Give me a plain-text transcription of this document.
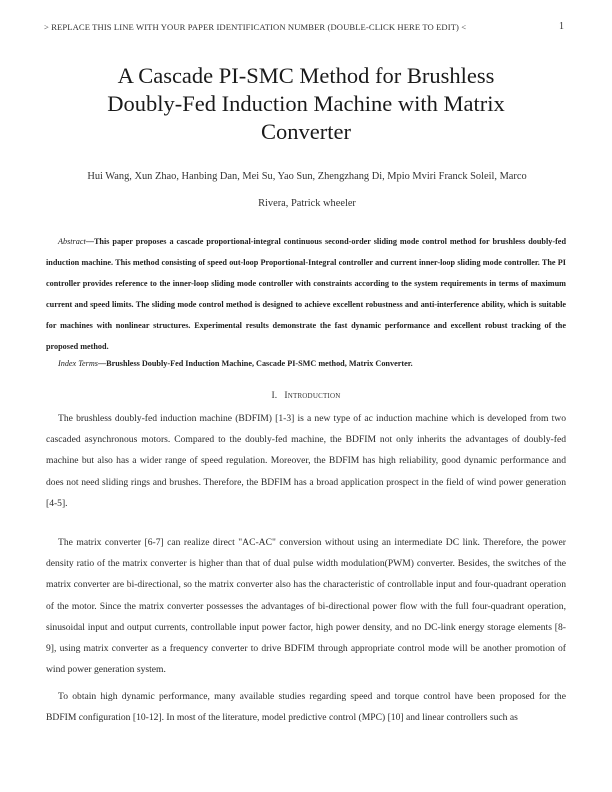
> REPLACE THIS LINE WITH YOUR PAPER IDENTIFICATION NUMBER (DOUBLE-CLICK HERE TO EDIT) <	1
A Cascade PI-SMC Method for Brushless
Doubly-Fed Induction Machine with Matrix
Converter
Hui Wang, Xun Zhao, Hanbing Dan, Mei Su, Yao Sun, Zhengzhang Di, Mpio Mviri Franck Soleil, Marco
Rivera, Patrick wheeler
Abstract—This paper proposes a cascade proportional-integral continuous second-order sliding mode control method for brushless doubly-fed induction machine. This method consisting of speed out-loop Proportional-Integral controller and current inner-loop sliding mode controller. The PI controller provides reference to the inner-loop sliding mode controller with constraints according to the system requirements in terms of maximum current and speed limits. The sliding mode control method is designed to achieve excellent robustness and anti-interference ability, which is suitable for machines with nonlinear structures. Experimental results demonstrate the fast dynamic performance and excellent robust tracking of the proposed method.
Index Terms—Brushless Doubly-Fed Induction Machine, Cascade PI-SMC method, Matrix Converter.
I. Introduction

The brushless doubly-fed induction machine (BDFIM) [1-3] is a new type of ac induction machine which is developed from two cascaded asynchronous motors. Compared to the doubly-fed machine, the BDFIM not only inherits the advantages of doubly-fed machine but also has a wider range of speed regulation. Moreover, the BDFIM has high reliability, good dynamic performance and does not need sliding rings and brushes. Therefore, the BDFIM has a broad application prospect in the field of wind power generation [4-5].

The matrix converter [6-7] can realize direct "AC-AC" conversion without using an intermediate DC link. Therefore, the power density ratio of the matrix converter is higher than that of dual pulse width modulation(PWM) converter. Besides, the switches of the matrix converter are bi-directional, so the matrix converter also has the characteristic of controllable input and four-quadrant operation of the motor. Since the matrix converter possesses the advantages of bi-directional power flow with the full four-quadrant operation, sinusoidal input and output currents, controllable input power factor, high power density, and no DC-link energy storage elements [8-9], using matrix converter as a frequency converter to drive BDFIM through appropriate control mode will be another promotion of wind power generation system.

To obtain high dynamic performance, many available studies regarding speed and torque control have been proposed for the BDFIM configuration [10-12]. In most of the literature, model predictive control (MPC) [10] and linear controllers such as
